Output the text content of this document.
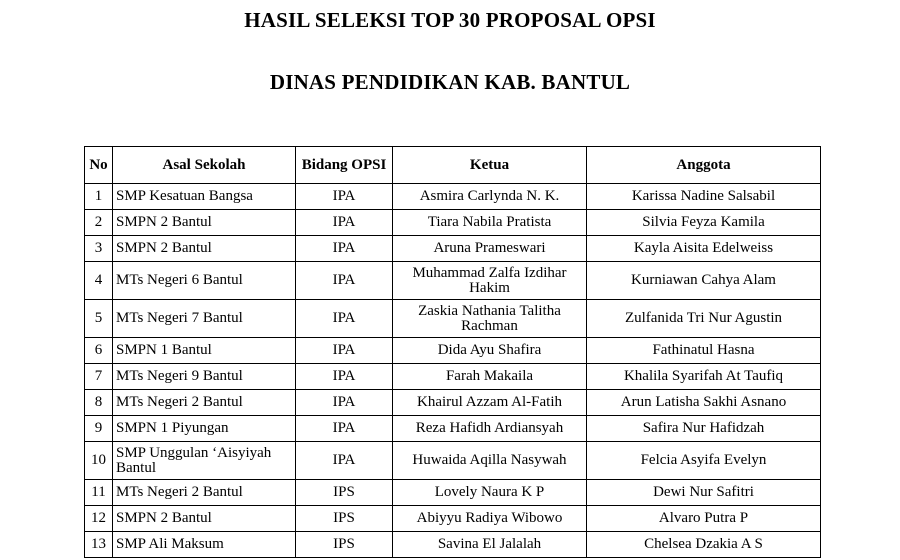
HASIL SELEKSI TOP 30 PROPOSAL OPSI
DINAS PENDIDIKAN KAB. BANTUL
No	Asal Sekolah	Bidang OPSI	Ketua	Anggota
1	SMP Kesatuan Bangsa	IPA	Asmira Carlynda N. K.	Karissa Nadine Salsabil
2	SMPN 2 Bantul	IPA	Tiara Nabila Pratista	Silvia Feyza Kamila
3	SMPN 2 Bantul	IPA	Aruna Prameswari	Kayla Aisita Edelweiss
4	MTs Negeri 6 Bantul	IPA	Muhammad Zalfa Izdihar Hakim	Kurniawan Cahya Alam
5	MTs Negeri 7 Bantul	IPA	Zaskia Nathania Talitha Rachman	Zulfanida Tri Nur Agustin
6	SMPN 1 Bantul	IPA	Dida Ayu Shafira	Fathinatul Hasna
7	MTs Negeri 9 Bantul	IPA	Farah Makaila	Khalila Syarifah At Taufiq
8	MTs Negeri 2 Bantul	IPA	Khairul Azzam Al-Fatih	Arun Latisha Sakhi Asnano
9	SMPN 1 Piyungan	IPA	Reza Hafidh Ardiansyah	Safira Nur Hafidzah
10	SMP Unggulan ‘Aisyiyah Bantul	IPA	Huwaida Aqilla Nasywah	Felcia Asyifa Evelyn
11	MTs Negeri 2 Bantul	IPS	Lovely Naura K P	Dewi Nur Safitri
12	SMPN 2 Bantul	IPS	Abiyyu Radiya Wibowo	Alvaro Putra P
13	SMP Ali Maksum	IPS	Savina El Jalalah	Chelsea Dzakia A S
